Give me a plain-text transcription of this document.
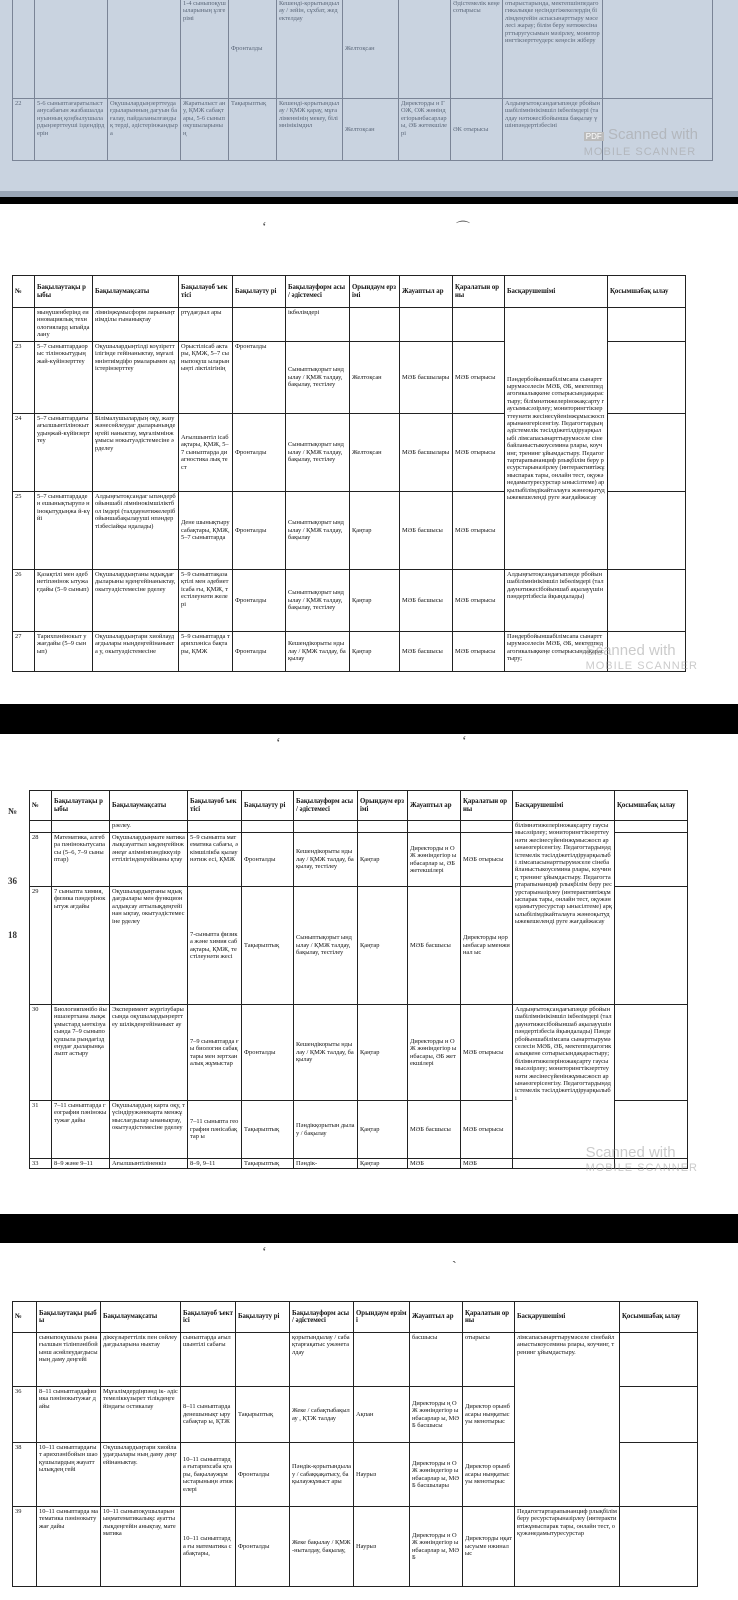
			1-4 сыныпоқушыларының ұлгерімі	Фронталды	Кешенді-қорытындылау / зейін, сұхбат, жедектелдау	Желтоқсан		Әдістемелік кеңесотырысы	отырыстарында, мектепшінпедагогикалықке ңесіндегіжекелердің білімдеңгейін аспасынарттыру мәселесі жарау; білім беру нәтижесінарттыругусымын мәзірлеу, мониторингтікзерттеудерс кеңесін жіберу	
22	5-6 сыныптағаратылыстанусабағын жазбашалдануынның қоңбылушыла рдыңзерттеуші іздендірдерін	Оқушылардыңзерттеудағдыларынның дагуын бағалау, пайдаланылғандық терді, әдістерінжандыра	Жаратылыст ану, ҚМЖ сабақтары, 5-6 сыныпоқушыларының	Тақырыптық	Кешенді-қорытындылау / ҚМЖ қарау, мұғаліменнінің мекеу, білімнінікімдил	Желтоқсан	Директорды н ГОЖ, ОЖ жөніндегіорынбасарлар ы, ӘБ жетекшілері	ӘК отырысы	Алдыңғытоқсандағыпәнде рбойыншабілімнінікімшіл ікбөлімдері (талдау нәтижесібойынша бақылау үшінпәндертізбесіні	
PDF Scanned with
MOBILE SCANNER
ʻ	⌒
№	Бақылаутақы рыбы	Бақылаумақсаты	Бақылауоб ъектісі	Бақылауту рі	Бақылауформ асы / әдістемесі	Орындаум ерзімі	Жауаптыл ар	Қаралатын орны	Басқарушешімі	Қосымшабақ ылау
	мыңүшенберінд еинновациялық технологиялард ыпайдалану	лімніңжұмысформ ларыныңтиімділы ғынанықтау	ртүдағдыл ары		ікбөлімдері				Пәндербойыншабілімсапа сынарттырумәселесін МӘБ, ӘБ, мектеппедагогикалықкене сотырысындақарастыру; білімнәтижелеріножақсарту гаусымысәзірлеу; мониторингтікзерттеунәти жесінесүйенінжұмысжосп арынаөзгерісенгізу. Педагогтардыңәдістемелік тәсілдіжетілдіруарқылыбі лімсапасынарттырумәселе сінебайланыстыкоусемина рлары, коучинг, тренинг ұйымдастыру. Педагогтартарапынанциф рлықбілім беру ресурстарыназірлеу (интерактивтіжұмыспарак тары, онлайн тест, оқужәнедамытуресурстар ыныcілтеме) арқылыбілімдікайталауға жәнеоқытудыжекешеленді руге жағдайжасау	
23	5–7 сыныптардаорыс тілінокытудың жай-күйінзерттеу	Оқушылардыңтілді коүзіреттілігінде гейінаныктау, мұғалімнінтиімдіфо рмаларымен әдістерінзерттеу	Орыстілісаб актары, ҚМЖ, 5–7 сыныпоқуш ыларыныңті ліктілігінің	Фронталды	Сыныптықорыт ындылау / ҚМЖ талдау, бақылау, тестілеу	Желтоқсан	МӘБ басшылары	МӘБ отырысы		
24	5–7 сыныптардағы ағылшынтілінокыт удыңжай-күйінзерттеу	Білімалушылардың оқу, жазужәнесөйлеудаг дыларыныңдеңгейі наныктау, мұғалімнінжұмысы нокытуәдістемесіне әрделеу	Ағылшынтіл ісабақтары, ҚМЖ, 5–7 сыныптарда диагностика лық тест	Фронталды	Сыныптықорыт ындылау / ҚМЖ талдау, бақылау, тестілеу	Желтоқсан	МӘБ басшылары	МӘБ отырысы		
25	5–7 сыныптардаден ешынықтырупә ніноқытудыңжа й-күйі	Алдыңғытоқсандаг ыпәндербойыншабі лімнінокімшіліктбол імдері (талдаунәтижелеріб ойыншабақылаууші нпәндертізбесіайқы ндалады)	Дене шынықтыру сабақтары, ҚМЖ, 5–7 сыныптарда	Фронталды	Сыныптықорыт ындылау / ҚМЖ талдау, бақылау	Қаңтар	МӘБ басшысы	МӘБ отырысы		
26	Қазақтілі мен әдебиетіпәнінок ытужағдайы (5–9 сынып)	Оқушылардыңтаны мдықдағдыларыны ңдеңгейінаныктау, окытуәдістемесіне рделеу	5–9 сыныптақаза қтілі мен әдебиетісаба ғы, ҚМЖ, тестілеунәти желері	Фронталды	Сыныптықорыт ындылау / ҚМЖ талдау, бақылау, тестілеу	Қаңтар	МӘБ басшысы	МӘБ отырысы	Алдыңғытоқсандағыпәнде рбойыншабілімнінікімшіл ікбөлімдері (талдаунәтижесібойыншаб ақылауүшінпәндертізбесіа йқындалады)	
27	Тарихпәнінокыт ужағдайы (5–9 сынып)	Оқушылардыңтари хиойлаудағдылары ныңдеңгейінаныкта у, окытуәдістемесіне	5–9 сыныптарда тарихпәніса бақтары, ҚМЖ	Фронталды	Кешендікорыты ндылау / ҚМЖ талдау, бақылау	Қаңтар	МӘБ басшысы	МӘБ отырысы	Пәндербойыншабілімсапа сынарттырумәселесін МӘБ, ӘБ, мектеппедагогикалықкеңе сотырысындақарастыру;		Scanned with
MOBILE SCANNER
ʻ	ʻ
№
36
18
№	Бақылаутақы рыбы	Бақылаумақсаты	Бақылауоб ъектісі	Бақылауту рі	Бақылауформ асы / әдістемесі	Орындаум ерзімі	Жауаптыл ар	Қаралатын орны	Басқарушешімі	Қосымшабақ ылау
		рәелеу.							білімнәтижелеріножақсарту гаусымысәзірлеу; мониторингтікзерттеунәти жесінесүйенінжұмысжосп арынаөзгерісенгізу. Педагогтардыңәдістемелік тәсілдіжетілдіруарқылыбі лімсапасынарттырумәселе сінебайланыстыкоусемина рлары, коучинг, тренинг ұйымдастыру. Педагогтартарапынанциф рлықбілім беру ресурстарыназірлеу (интерактивтіжұмыспарак тары, онлайн тест, оқужәнедамытуресурстар ыныcілтеме) арқылыбілімдікайталауға жәнеоқытудыжекешеленді руге жағдайжасау	
28	Математика, алгебра пәнінокытусапа сы (5–6, 7–9 сыныптар)	Оқушылардыңмате матикалықсауаттыл ықдеңгейінжәнеұғ алімнінпәндіккүзір еттілігіндеңгейінаны қтау	5–9 сыныпта математика сабағы, әкімшілікба қылаунәтиж есі, ҚМЖ	Фронталды	Кешендікорыты ндылау / ҚМЖ талдау, бақылау, тестілеу	Қаңтар	Директорды н ОЖ жөніндегіор ынбасарлар ы, ӘБ жетекшілері	МӘБ отырысы		
29	7 сыныпта химия, физика пәндерінокытуж ағдайы	Оқушылардыңтаны мдықдағдылары мен функционалдықсау аттылықдеңгейінан ықтау, окытуәдістемесіне рделеу	7-сыныпта физика және химия сабақтары, ҚМЖ, тестілеунәти жесі	Тақырыптық	Сыныптықорыт ындылау / ҚМЖ талдау, бақылау, тестілеу	Қаңтар	МӘБ басшысы	Директорды ңорынбасар ыменжинал ыс		
30	Биологияпәнібо йыншазертхана лықжұмыстард ыөткізуасында 7–9 сыныпоқушыла рындағізденудағ дыларынқалыпт астыру	Эксперимент жүргізубарысында оқушылардыңзерттеу шілікдеңгейінаныкт ау	7–9 сыныптарда ғы биология сабақтары мен зертханалық жұмыстар	Фронталды	Кешендікорыты ндылау / ҚМЖ талдау, бақылау	Қаңтар	Директорды н ОЖ жөніндегіор ынбасары, ӘБ жетекшілері	МӘБ отырысы	Алдыңғытоқсандағыпәнде рбойыншабілімнінікімшіл ікбөлімдері (талдаунәтижесібойыншаб ақылауүшінпәндертізбесіа йқындалады) Пәндербойыншабілімсапа сынарттырумәселесін МӘБ, ӘБ, мектеппедагогикалықкене сотырысындақарастыру; білімнәтижелеріножақсарту гаусымысәзірлеу; мониторингтікзерттеунәти жесінесүйенінжұмысжосп арынаөзгерісенгізу. Педагогтардыңәдістемелік тәсілдіжетілдіруарқылыбі	
31	7–11 сыныптарда география пәнінокытужағ дайы	Оқушылардың карта оқу, түсіндіружәнекарта менжұмыслағдылар ынанықтау, окытуәдістемесіне рделеу	7–11 сыныпта география пәнісабақтар ы	Тақырыптық	Пәндікқорытын дылау / бақылау	Қаңтар	МӘБ басшысы	МӘБ отырысы		
33	8–9 және 9–11	Ағылшынтіліненкіз	8–9, 9–11	Тақырыптық	Пәндік-	Қаңтар	МӘБ	МӘБ		
Scanned with
MOBILE SCANNER
ʻ	ˎ
№	Бақылаутақы рыбы	Бақылаумақсаты	Бақылауоб ъектісі	Бақылауту рі	Бақылауформ асы / әдістемесі	Орындаум ерзімі	Жауаптыл ар	Қаралатын орны	Басқарушешімі	Қосымшабақ ылау
	сыныпоқушыла рынағылшын тілінпәнібойынш асөйлеудағдысы ның даму деңгейі	діккүзыреттілік пен сөйлеудағдыларына ныктау	сыныптарда ағылшынтілі сабағы		қорытындылау / сабақтарғақатыс ужәнеталдау		басшысы	отырысы	лімсапасынарттырумәселе сінебайланыстыкоусемина рлары, коучинг, тренинг ұйымдастыру.	
36	8–11 сыныптардафиз ика пәнінокытужағ дайы	Мұғалімдердіңпәнд ік- әдістемеліккүзырет тілікдеңгейіндағы остикалау	8–11 сыныптарда денешынықт ырусабақтар ы, ҚТЖ	Тақырыптық	Жеке / сабақтыбақылау , ҚТЖ талдау	Ақпан	Директорды ң ОЖ жөніндегіор ынбасарлар ы, МӘБ басшысы	Директор орынбасары ныңқатысуы менотырыс		
38	10–11 сыныптардағыт арихпәнібойын шаоқушылардың жауаттылықдең гейі	Оқушылардыңтари хиойлаудағдылары ның даму деңгейінаныктау.	10–11 сыныптарда ғытарихсаба қтары, бақылаужұм ыстарыныңн әтижелері	Фронталды	Пәндік-қорытындылау / сабаққақатысу, бақылаужұмыст ары	Наурыз	Директорды н ОЖ жөніндегіор ынбасарлар ы, МӘБ басшылары	Директор орынбасары ныңқатысуы менотырыс		
39	10–11 сыныптарда математика пәнінокытужағ дайы	10–11 сыныпоқушыларын ыңматематикалықс ауаттылықдеңгейін анықтау, математика	10–11 сыныптарда ғы математика сабақтары,	Фронталды	Жеке бақылау / ҚМЖ-ныталдау, бақылау,	Наурыз	Директорды н ОЖ жөніндегіор ынбасарлар ы, МӘБ	Директорды ңқатысуыме нжиналыс	Педагогтартарапынанциф рлықбілім беру ресурстарыназірлеу (интерактивтіжұмыспарак тары, онлайн тест, оқужәнедамытуресурстар	
